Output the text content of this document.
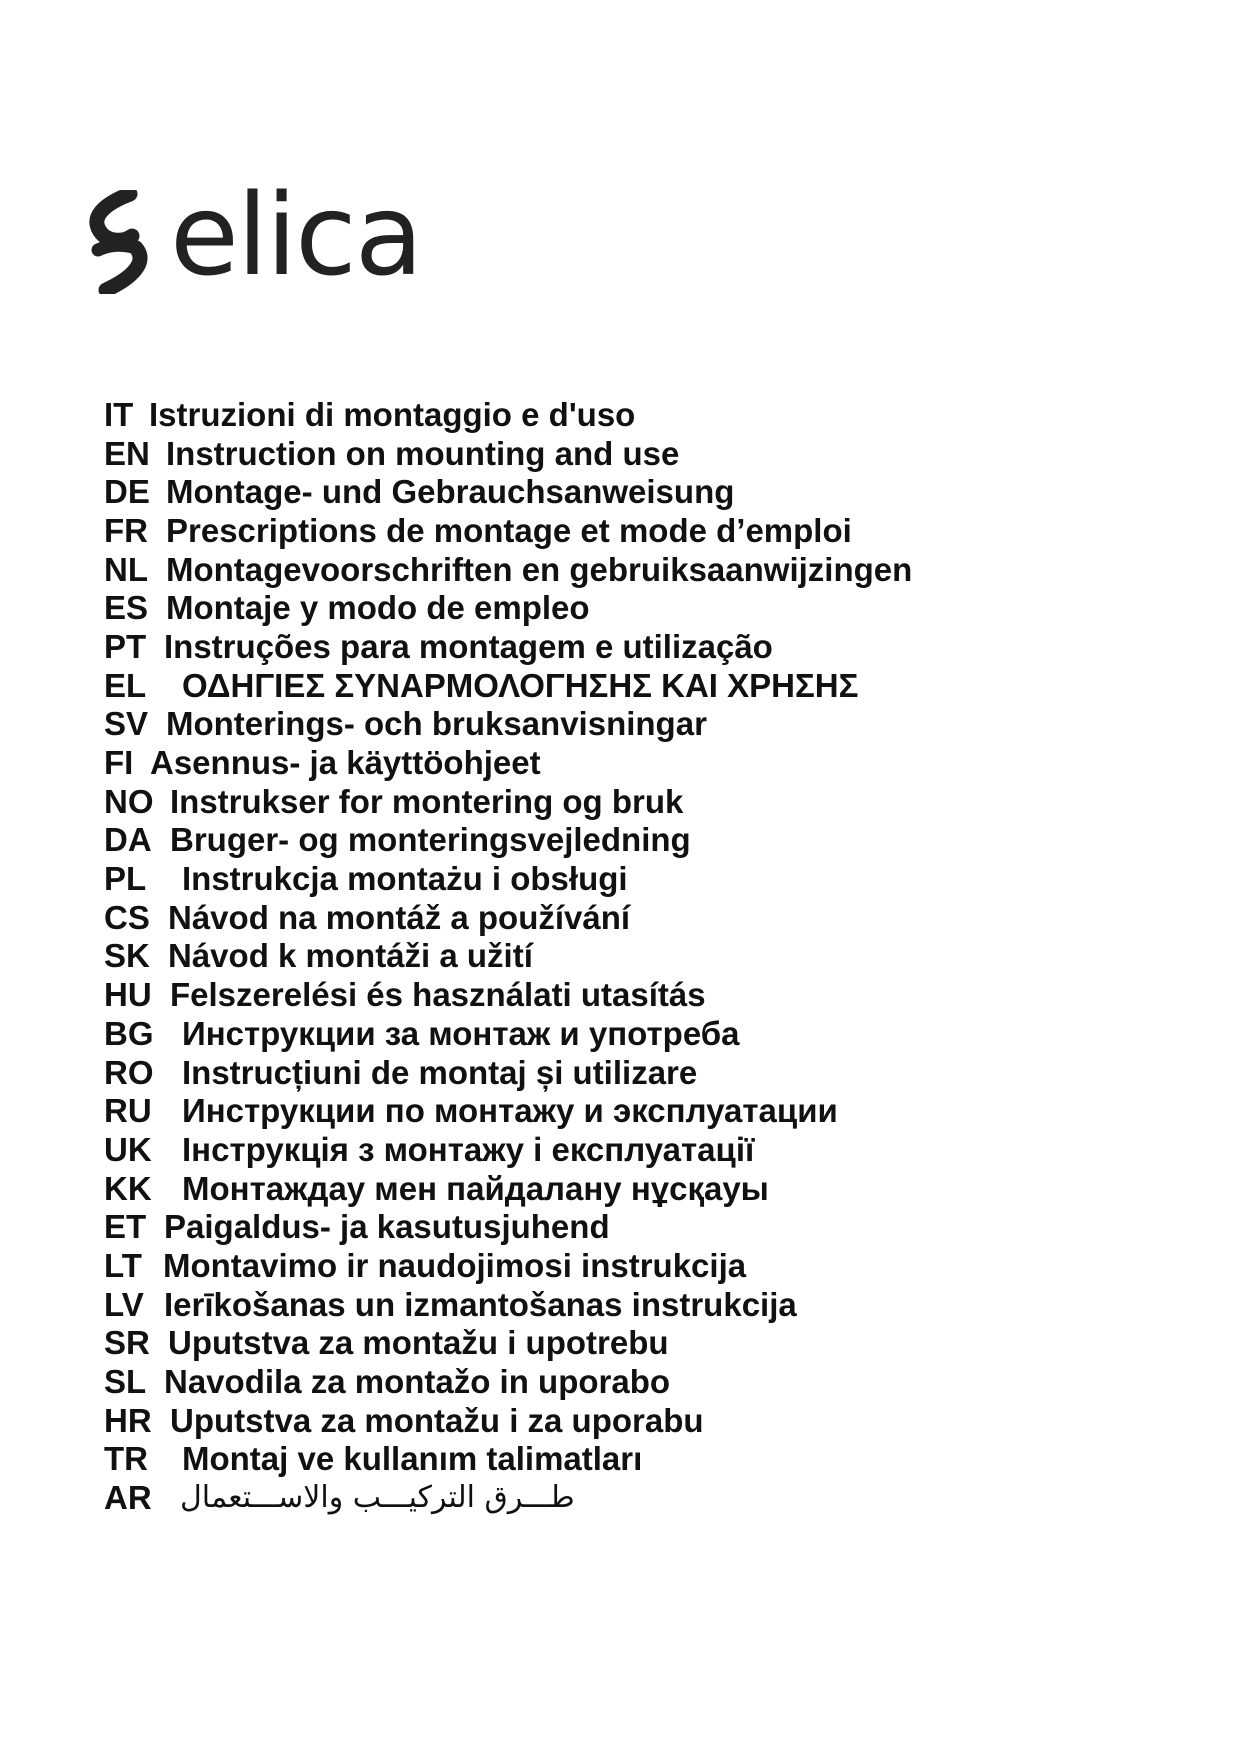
elica
IT Istruzioni di montaggio e d'uso
EN Instruction on mounting and use
DE Montage- und Gebrauchsanweisung
FR Prescriptions de montage et mode d’emploi
NL Montagevoorschriften en gebruiksaanwijzingen
ES Montaje y modo de empleo
PT Instruções para montagem e utilização
EL	ΟΔΗΓΙΕΣ ΣΥΝΑΡΜΟΛΟΓΗΣΗΣ ΚΑΙ ΧΡΗΣΗΣ
SV Monterings- och bruksanvisningar
FI Asennus- ja käyttöohjeet
NO Instrukser for montering og bruk
DA Bruger- og monteringsvejledning
PL	Instrukcja montażu i obsługi
CS Návod na montáž a používání
SK Návod k montáži a užití
HU Felszerelési és használati utasítás
BG Инструкции за монтаж и употреба
RO Instrucțiuni de montaj și utilizare
RU Инструкции по монтажу и эксплуатации
UK Інструкція з монтажу і експлуатації
KK Монтаждау мен пайдалану нұсқауы
ET Paigaldus- ja kasutusjuhend
LT Montavimo ir naudojimosi instrukcija
LV Ierīkošanas un izmantošanas instrukcija
SR Uputstva za montažu i upotrebu
SL Navodila za montažo in uporabo
HR Uputstva za montažu i za uporabu
TR	Montaj ve kullanım talimatları
AR طـــرق التركيـــب والاســـتعمال
